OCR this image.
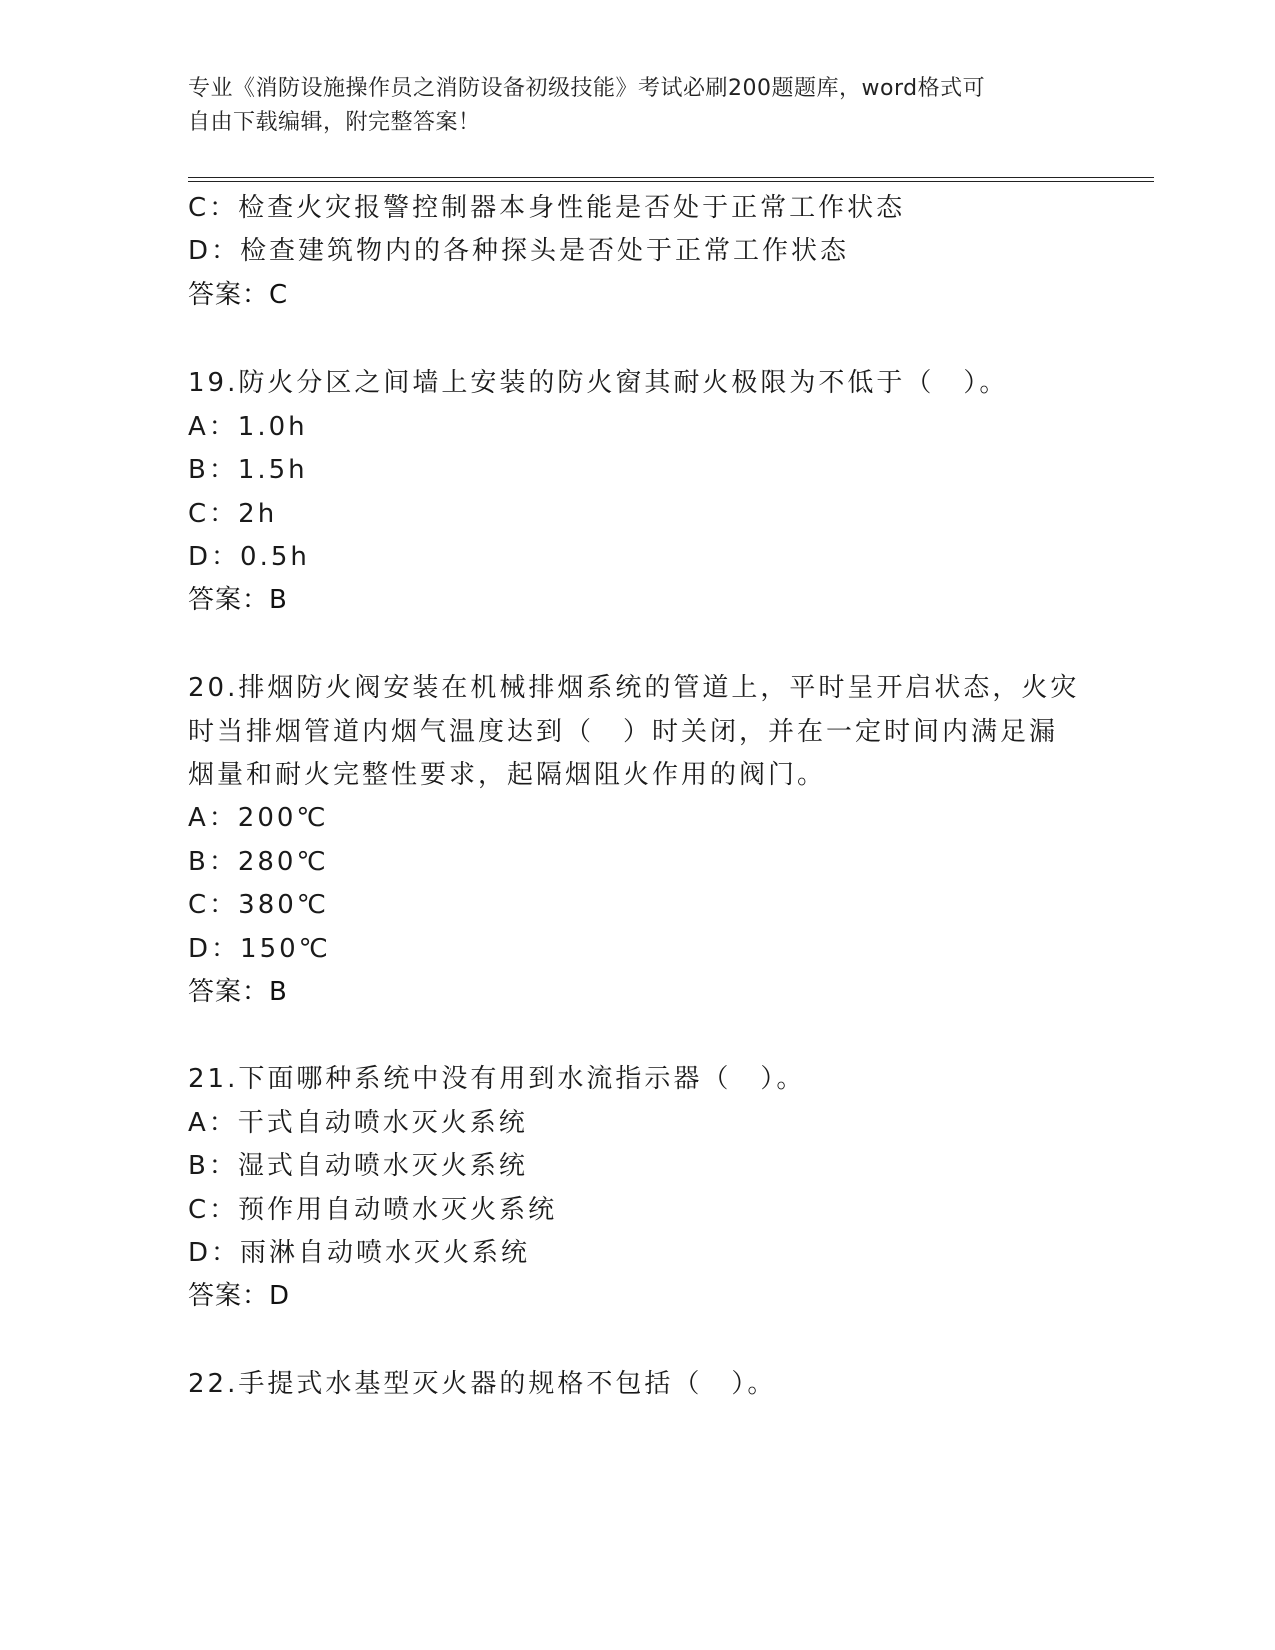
专业《消防设施操作员之消防设备初级技能》考试必刷200题题库，word格式可
自由下载编辑，附完整答案！
C：检查火灾报警控制器本身性能是否处于正常工作状态
D：检查建筑物内的各种探头是否处于正常工作状态
答案：C
19.防火分区之间墙上安装的防火窗其耐火极限为不低于（　）。
A：1.0h
B：1.5h
C：2h
D：0.5h
答案：B
20.排烟防火阀安装在机械排烟系统的管道上，平时呈开启状态，火灾
时当排烟管道内烟气温度达到（　）时关闭，并在一定时间内满足漏
烟量和耐火完整性要求，起隔烟阻火作用的阀门。
A：200℃
B：280℃
C：380℃
D：150℃
答案：B
21.下面哪种系统中没有用到水流指示器（　）。
A：干式自动喷水灭火系统
B：湿式自动喷水灭火系统
C：预作用自动喷水灭火系统
D：雨淋自动喷水灭火系统
答案：D
22.手提式水基型灭火器的规格不包括（　）。
